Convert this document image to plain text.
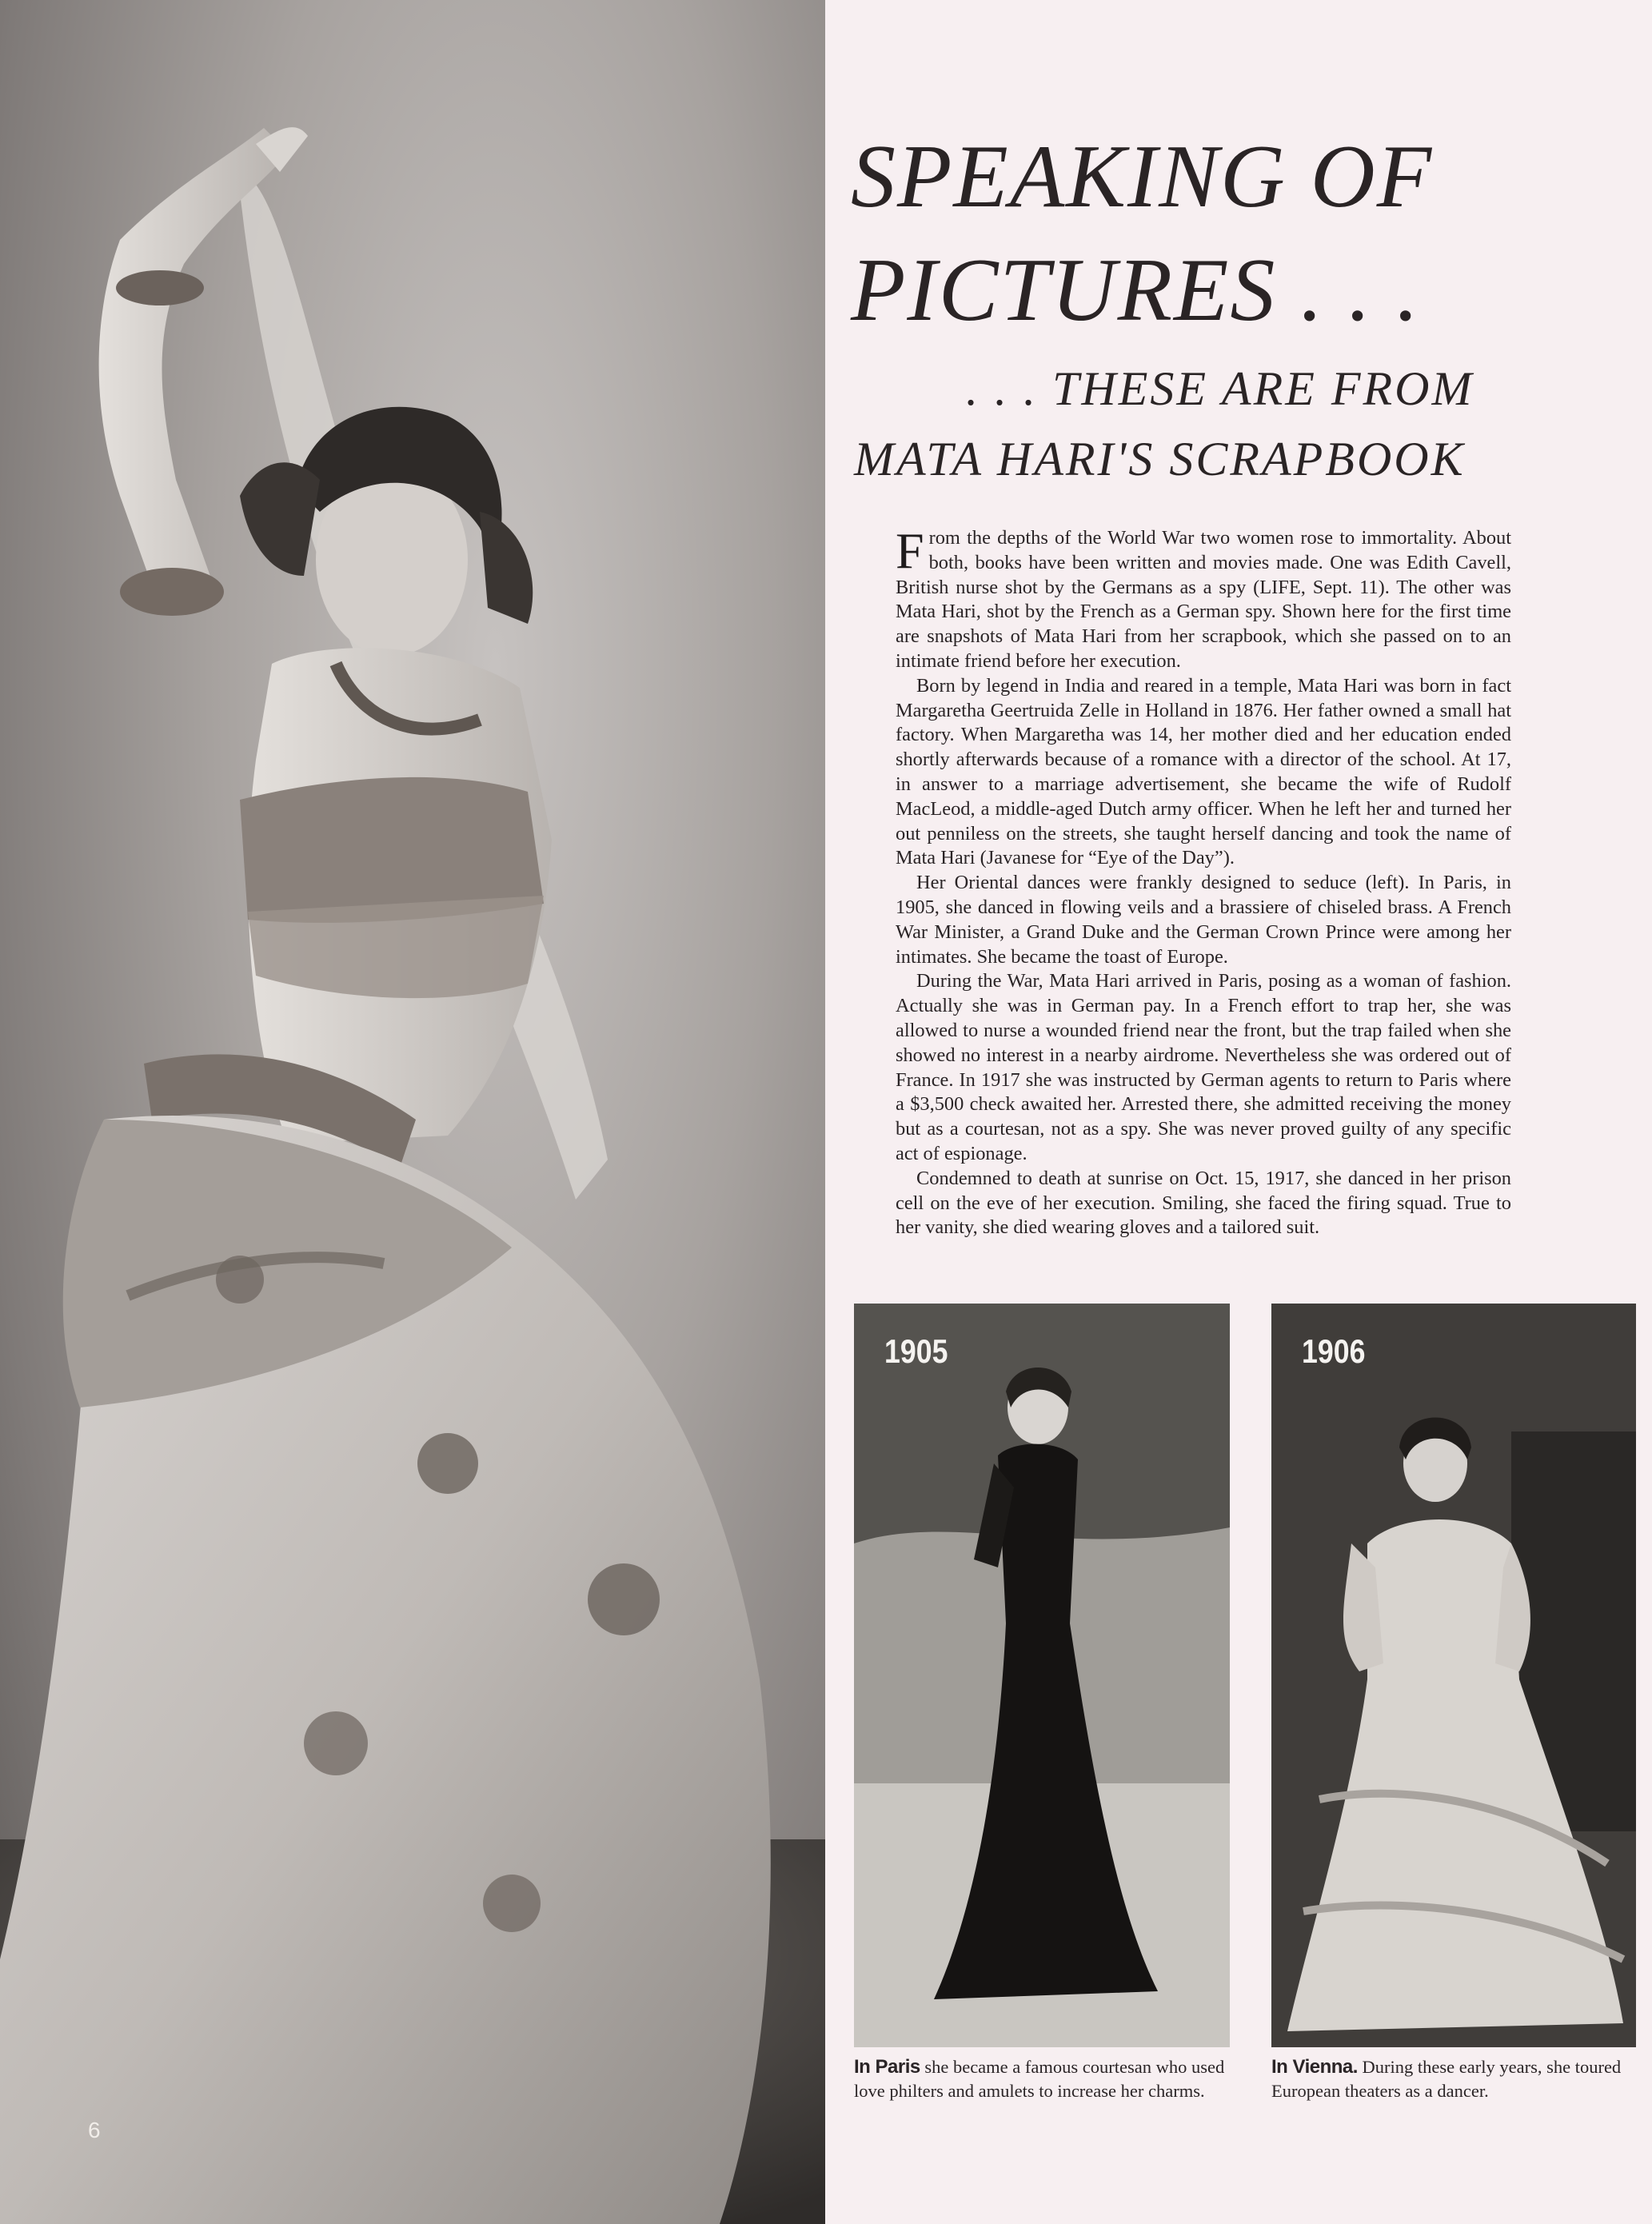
6
SPEAKING OF
PICTURES . . .
. . . THESE ARE FROM
MATA HARI'S SCRAPBOOK

From the depths of the World War two women rose to immortality. About both, books have been written and movies made. One was Edith Cavell, British nurse shot by the Germans as a spy (LIFE, Sept. 11). The other was Mata Hari, shot by the French as a German spy. Shown here for the first time are snapshots of Mata Hari from her scrapbook, which she passed on to an intimate friend before her execution.

Born by legend in India and reared in a temple, Mata Hari was born in fact Margaretha Geertruida Zelle in Holland in 1876. Her father owned a small hat factory. When Margaretha was 14, her mother died and her education ended shortly afterwards because of a romance with a director of the school. At 17, in answer to a marriage advertisement, she became the wife of Rudolf MacLeod, a middle-aged Dutch army officer. When he left her and turned her out penniless on the streets, she taught herself dancing and took the name of Mata Hari (Javanese for “Eye of the Day”).

Her Oriental dances were frankly designed to seduce (left). In Paris, in 1905, she danced in flowing veils and a brassiere of chiseled brass. A French War Minister, a Grand Duke and the German Crown Prince were among her intimates. She became the toast of Europe.

During the War, Mata Hari arrived in Paris, posing as a woman of fashion. Actually she was in German pay. In a French effort to trap her, she was allowed to nurse a wounded friend near the front, but the trap failed when she showed no interest in a nearby airdrome. Nevertheless she was ordered out of France. In 1917 she was instructed by German agents to return to Paris where a $3,500 check awaited her. Arrested there, she admitted receiving the money but as a courtesan, not as a spy. She was never proved guilty of any specific act of espionage.

Condemned to death at sunrise on Oct. 15, 1917, she danced in her prison cell on the eve of her execution. Smiling, she faced the firing squad. True to her vanity, she died wearing gloves and a tailored suit.

1905
In Paris she became a famous courtesan who used love philters and amulets to increase her charms.
1906
In Vienna. During these early years, she toured European theaters as a dancer.
